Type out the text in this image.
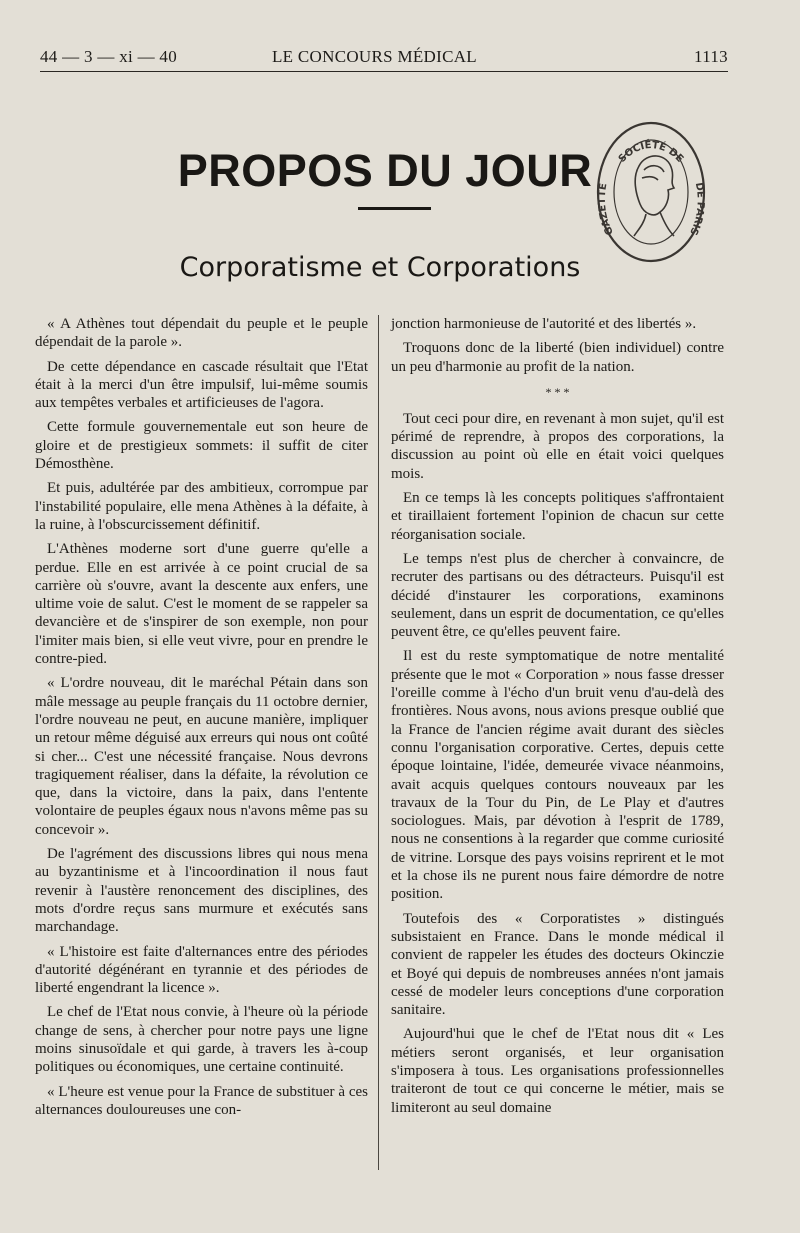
44 — 3 — xi — 40	LE CONCOURS MÉDICAL	1113
PROPOS DU JOUR	SOCIÉTÉ DE
GAZETTE	DE PARIS
Corporatisme et Corporations

« A Athènes tout dépendait du peuple et le peuple dépendait de la parole ».

De cette dépendance en cascade résultait que l'Etat était à la merci d'un être impulsif, lui-même soumis aux tempêtes verbales et artificieuses de l'agora.

Cette formule gouvernementale eut son heure de gloire et de prestigieux sommets: il suffit de citer Démosthène.

Et puis, adultérée par des ambitieux, corrompue par l'instabilité populaire, elle mena Athènes à la défaite, à la ruine, à l'obscurcissement définitif.

L'Athènes moderne sort d'une guerre qu'elle a perdue. Elle en est arrivée à ce point crucial de sa carrière où s'ouvre, avant la descente aux enfers, une ultime voie de salut. C'est le moment de se rappeler sa devancière et de s'inspirer de son exemple, non pour l'imiter mais bien, si elle veut vivre, pour en prendre le contre-pied.

« L'ordre nouveau, dit le maréchal Pétain dans son mâle message au peuple français du 11 octobre dernier, l'ordre nouveau ne peut, en aucune manière, impliquer un retour même déguisé aux erreurs qui nous ont coûté si cher... C'est une nécessité française. Nous devrons tragiquement réaliser, dans la défaite, la révolution ce que, dans la victoire, dans la paix, dans l'entente volontaire de peuples égaux nous n'avons même pas su concevoir ».

De l'agrément des discussions libres qui nous mena au byzantinisme et à l'incoordination il nous faut revenir à l'austère renoncement des disciplines, des mots d'ordre reçus sans murmure et exécutés sans marchandage.

« L'histoire est faite d'alternances entre des périodes d'autorité dégénérant en tyrannie et des périodes de liberté engendrant la licence ».

Le chef de l'Etat nous convie, à l'heure où la période change de sens, à chercher pour notre pays une ligne moins sinusoïdale et qui garde, à travers les à-coup politiques ou économiques, une certaine continuité.

« L'heure est venue pour la France de substituer à ces alternances douloureuses une con-

jonction harmonieuse de l'autorité et des libertés ».

Troquons donc de la liberté (bien individuel) contre un peu d'harmonie au profit de la nation.

* * *

Tout ceci pour dire, en revenant à mon sujet, qu'il est périmé de reprendre, à propos des corporations, la discussion au point où elle en était voici quelques mois.

En ce temps là les concepts politiques s'affrontaient et tiraillaient fortement l'opinion de chacun sur cette réorganisation sociale.

Le temps n'est plus de chercher à convaincre, de recruter des partisans ou des détracteurs. Puisqu'il est décidé d'instaurer les corporations, examinons seulement, dans un esprit de documentation, ce qu'elles peuvent être, ce qu'elles peuvent faire.

Il est du reste symptomatique de notre mentalité présente que le mot « Corporation » nous fasse dresser l'oreille comme à l'écho d'un bruit venu d'au-delà des frontières. Nous avons, nous avions presque oublié que la France de l'ancien régime avait durant des siècles connu l'organisation corporative. Certes, depuis cette époque lointaine, l'idée, demeurée vivace néanmoins, avait acquis quelques contours nouveaux par les travaux de la Tour du Pin, de Le Play et d'autres sociologues. Mais, par dévotion à l'esprit de 1789, nous ne consentions à la regarder que comme curiosité de vitrine. Lorsque des pays voisins reprirent et le mot et la chose ils ne purent nous faire démordre de notre position.

Toutefois des « Corporatistes » distingués subsistaient en France. Dans le monde médical il convient de rappeler les études des docteurs Okinczie et Boyé qui depuis de nombreuses années n'ont jamais cessé de modeler leurs conceptions d'une corporation sanitaire.

Aujourd'hui que le chef de l'Etat nous dit « Les métiers seront organisés, et leur organisation s'imposera à tous. Les organisations professionnelles traiteront de tout ce qui concerne le métier, mais se limiteront au seul domaine
